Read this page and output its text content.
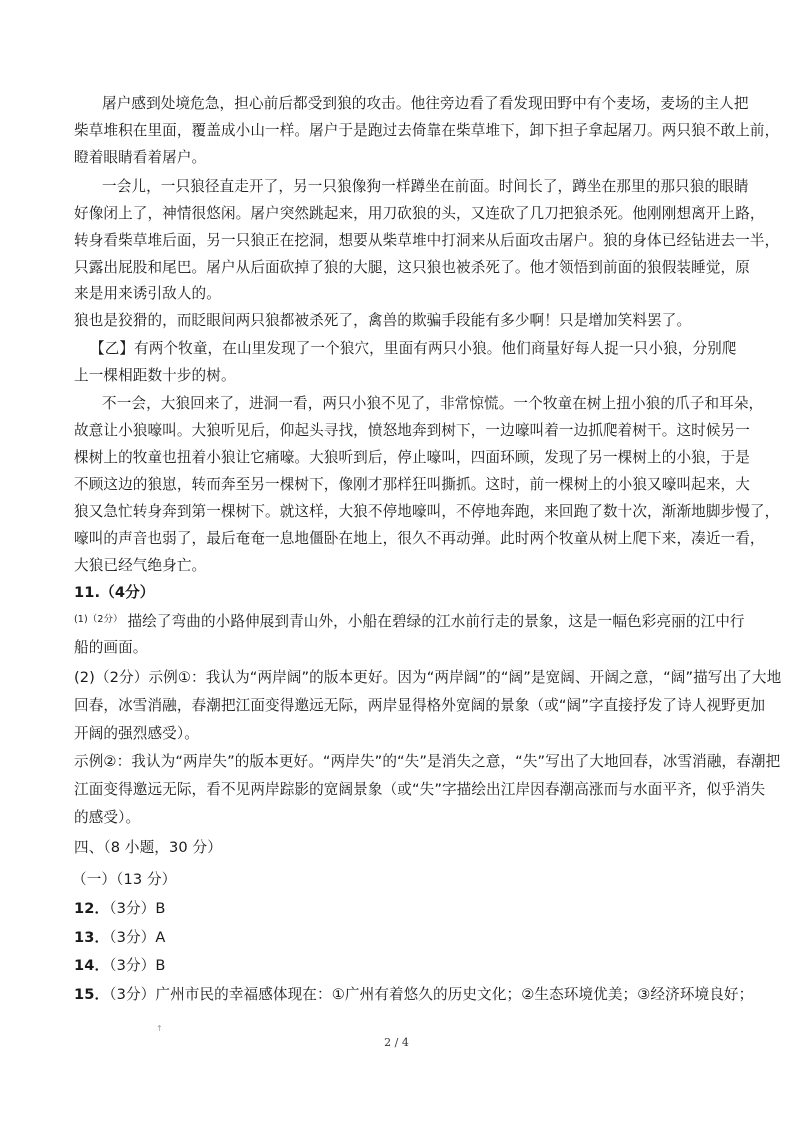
屠户感到处境危急，担心前后都受到狼的攻击。他往旁边看了看发现田野中有个麦场，麦场的主人把

柴草堆积在里面，覆盖成小山一样。屠户于是跑过去倚靠在柴草堆下，卸下担子拿起屠刀。两只狼不敢上前，

瞪着眼睛看着屠户。

一会儿，一只狼径直走开了，另一只狼像狗一样蹲坐在前面。时间长了，蹲坐在那里的那只狼的眼睛

好像闭上了，神情很悠闲。屠户突然跳起来，用刀砍狼的头，又连砍了几刀把狼杀死。他刚刚想离开上路，

转身看柴草堆后面，另一只狼正在挖洞，想要从柴草堆中打洞来从后面攻击屠户。狼的身体已经钻进去一半，

只露出屁股和尾巴。屠户从后面砍掉了狼的大腿，这只狼也被杀死了。他才领悟到前面的狼假装睡觉，原

来是用来诱引敌人的。

狼也是狡猾的，而眨眼间两只狼都被杀死了，禽兽的欺骗手段能有多少啊！只是增加笑料罢了。

【乙】有两个牧童，在山里发现了一个狼穴，里面有两只小狼。他们商量好每人捉一只小狼，分别爬

上一棵相距数十步的树。

不一会，大狼回来了，进洞一看，两只小狼不见了，非常惊慌。一个牧童在树上扭小狼的爪子和耳朵，

故意让小狼嚎叫。大狼听见后，仰起头寻找，愤怒地奔到树下，一边嚎叫着一边抓爬着树干。这时候另一

棵树上的牧童也扭着小狼让它痛嚎。大狼听到后，停止嚎叫，四面环顾，发现了另一棵树上的小狼，于是

不顾这边的狼崽，转而奔至另一棵树下，像刚才那样狂叫撕抓。这时，前一棵树上的小狼又嚎叫起来，大

狼又急忙转身奔到第一棵树下。就这样，大狼不停地嚎叫，不停地奔跑，来回跑了数十次，渐渐地脚步慢了，

嚎叫的声音也弱了，最后奄奄一息地僵卧在地上，很久不再动弹。此时两个牧童从树上爬下来，凑近一看，

大狼已经气绝身亡。

11.（4分）

$^{(1)(2分)}$ 描绘了弯曲的小路伸展到青山外，小船在碧绿的江水前行走的景象，这是一幅色彩亮丽的江中行

船的画面。

(2)（2分）示例①：我认为“两岸阔”的版本更好。因为“两岸阔”的“阔”是宽阔、开阔之意，“阔”描写出了大地

回春，冰雪消融，春潮把江面变得邀远无际，两岸显得格外宽阔的景象（或“阔”字直接抒发了诗人视野更加

开阔的强烈感受）。

示例②：我认为“两岸失”的版本更好。“两岸失”的“失”是消失之意，“失”写出了大地回春，冰雪消融，春潮把

江面变得邀远无际，看不见两岸踪影的宽阔景象（或“失”字描绘出江岸因春潮高涨而与水面平齐，似乎消失

的感受）。

四、（8 小题，30 分）

（一）（13 分）

12．（3分）B

13．（3分）A

14．（3分）B

15．（3分）广州市民的幸福感体现在：①广州有着悠久的历史文化；②生态环境优美；③经济环境良好；

↑
2 / 4
